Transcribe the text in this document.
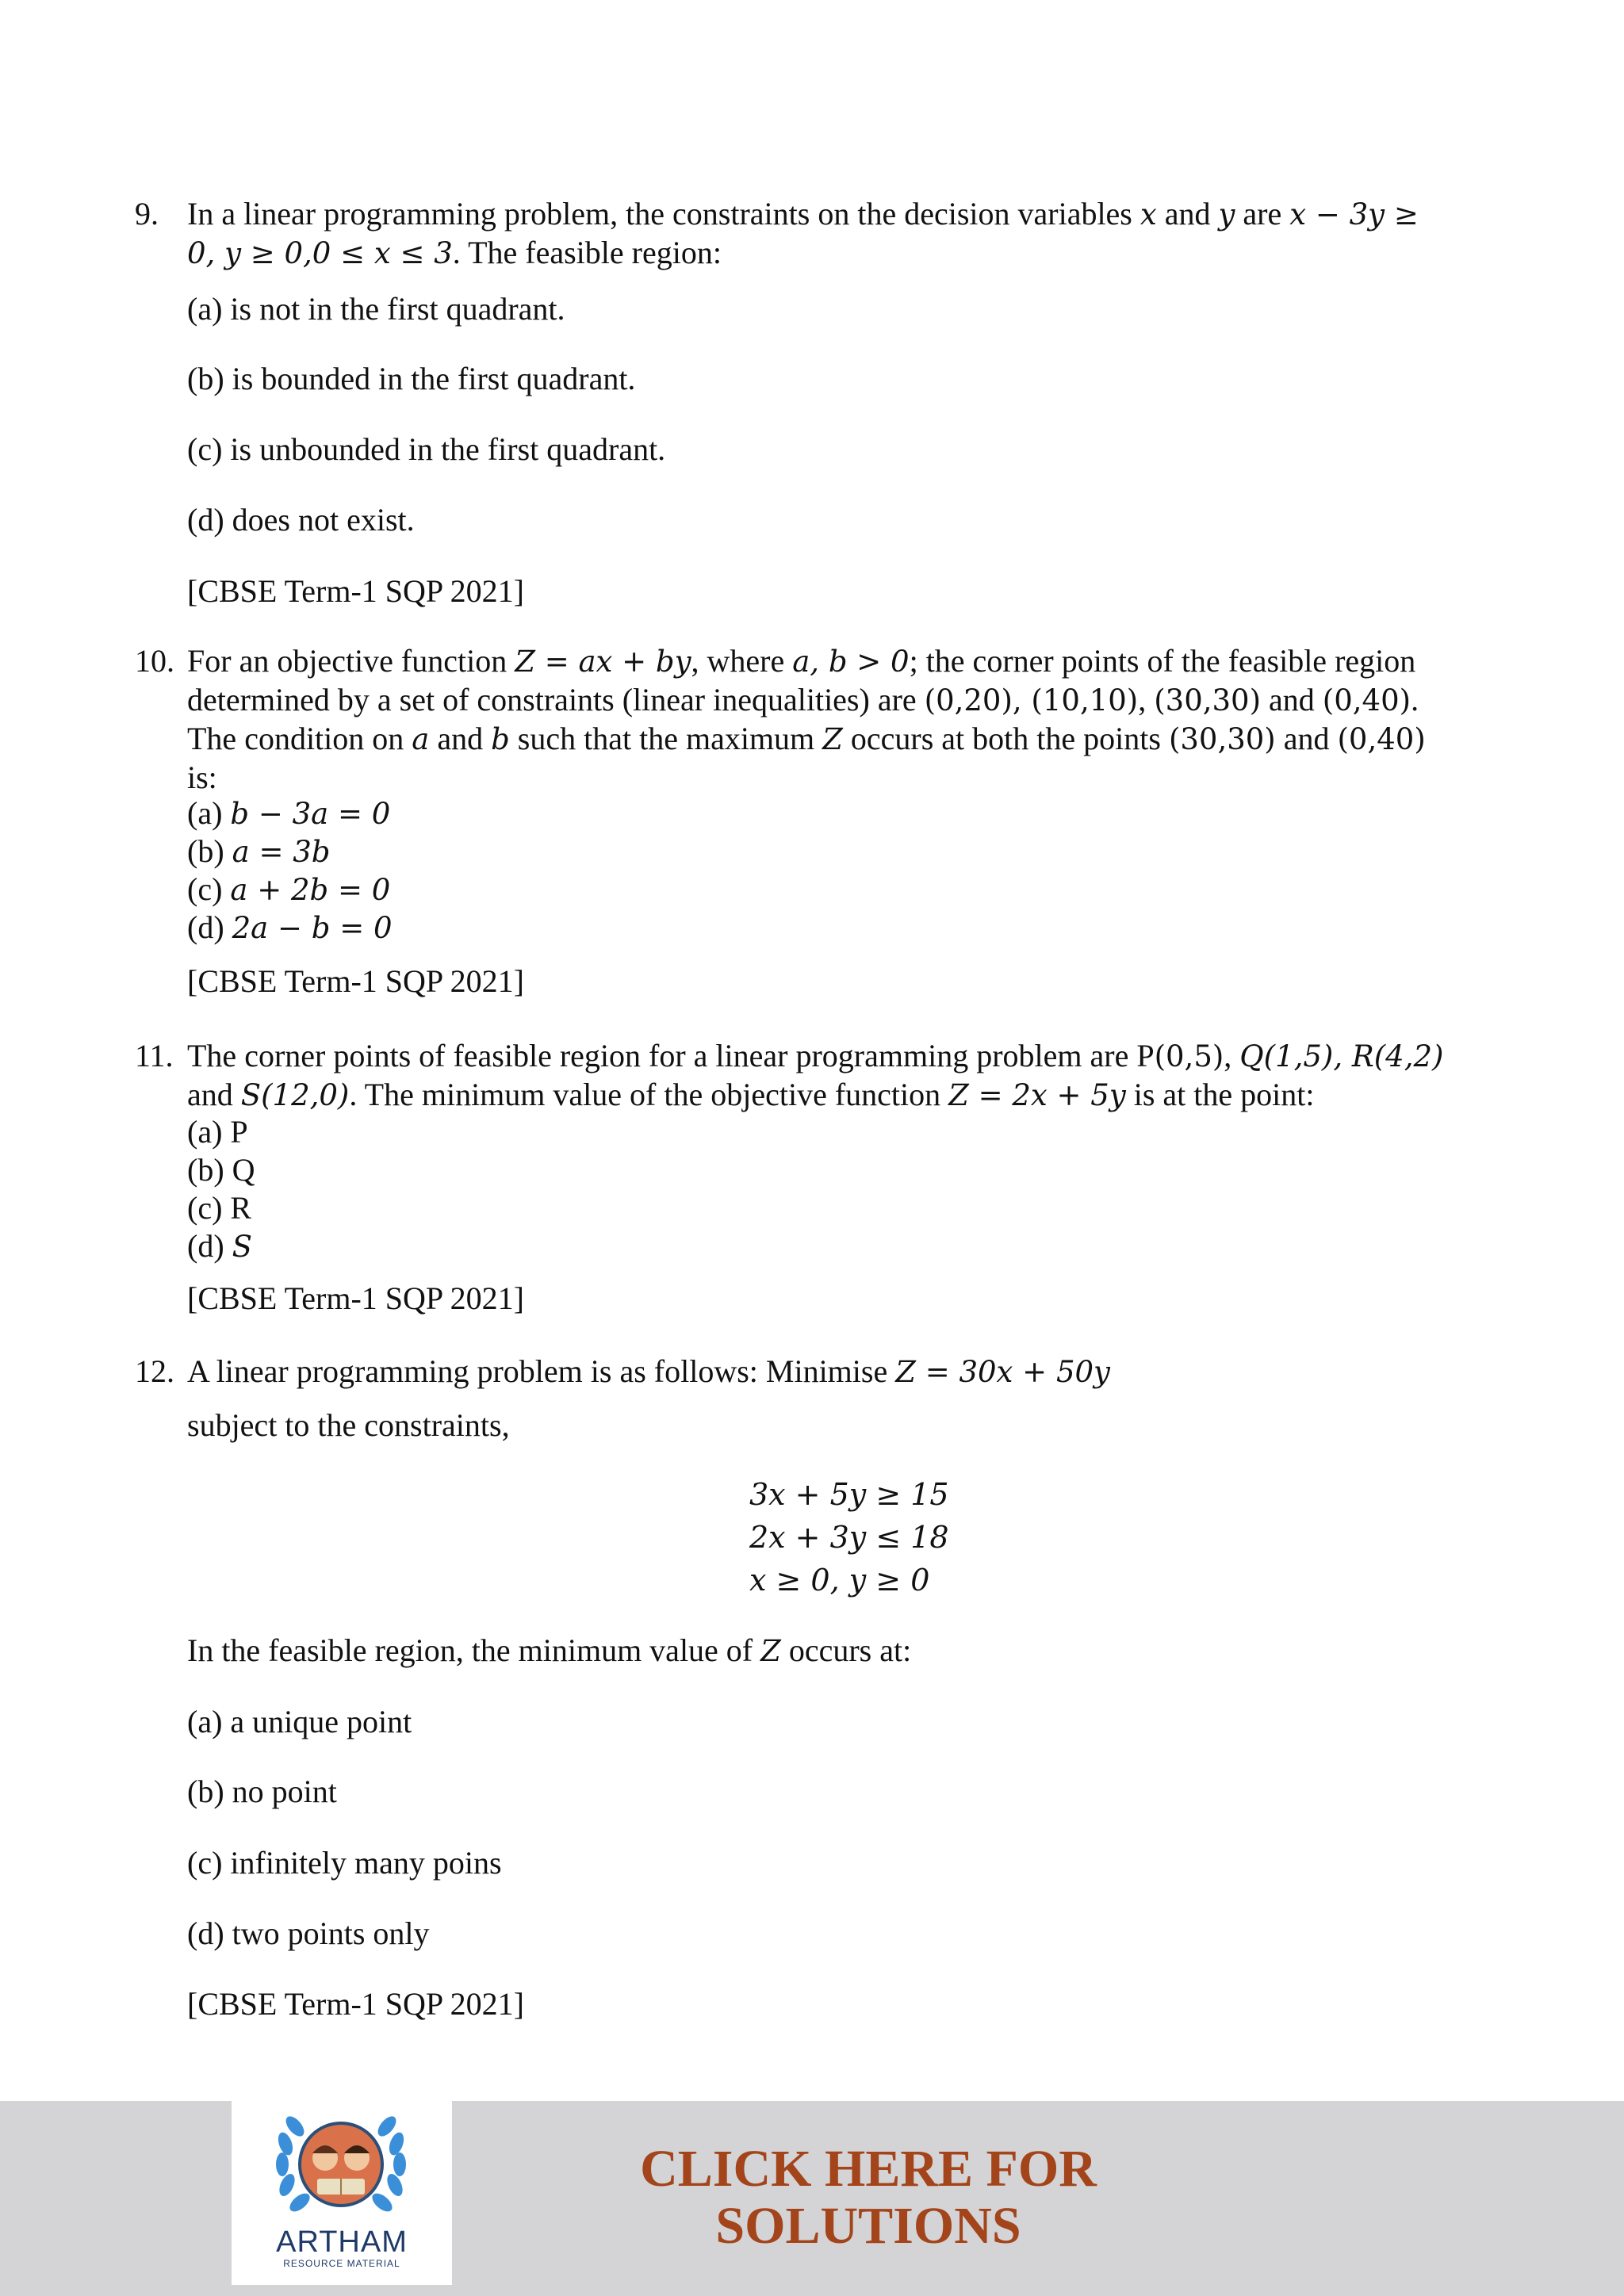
9. In a linear programming problem, the constraints on the decision variables x and y are x − 3y ≥
0, y ≥ 0,0 ≤ x ≤ 3. The feasible region:
(a) is not in the first quadrant.
(b) is bounded in the first quadrant.
(c) is unbounded in the first quadrant.
(d) does not exist.
[CBSE Term-1 SQP 2021]
10. For an objective function Z = ax + by, where a, b > 0; the corner points of the feasible region
determined by a set of constraints (linear inequalities) are (0,20), (10,10), (30,30) and (0,40).
The condition on a and b such that the maximum Z occurs at both the points (30,30) and (0,40)
is:
(a) b − 3a = 0
(b) a = 3b
(c) a + 2b = 0
(d) 2a − b = 0
[CBSE Term-1 SQP 2021]
11. The corner points of feasible region for a linear programming problem are P(0,5), Q(1,5), R(4,2)
and S(12,0). The minimum value of the objective function Z = 2x + 5y is at the point:
(a) P
(b) Q
(c) R
(d) S
[CBSE Term-1 SQP 2021]
12. A linear programming problem is as follows: Minimise Z = 30x + 50y
subject to the constraints,
3x + 5y ≥ 15
2x + 3y ≤ 18
x ≥ 0, y ≥ 0
In the feasible region, the minimum value of Z occurs at:
(a) a unique point
(b) no point
(c) infinitely many poins
(d) two points only
[CBSE Term-1 SQP 2021]
ARTHAM
RESOURCE MATERIAL
CLICK HERE FOR
SOLUTIONS
